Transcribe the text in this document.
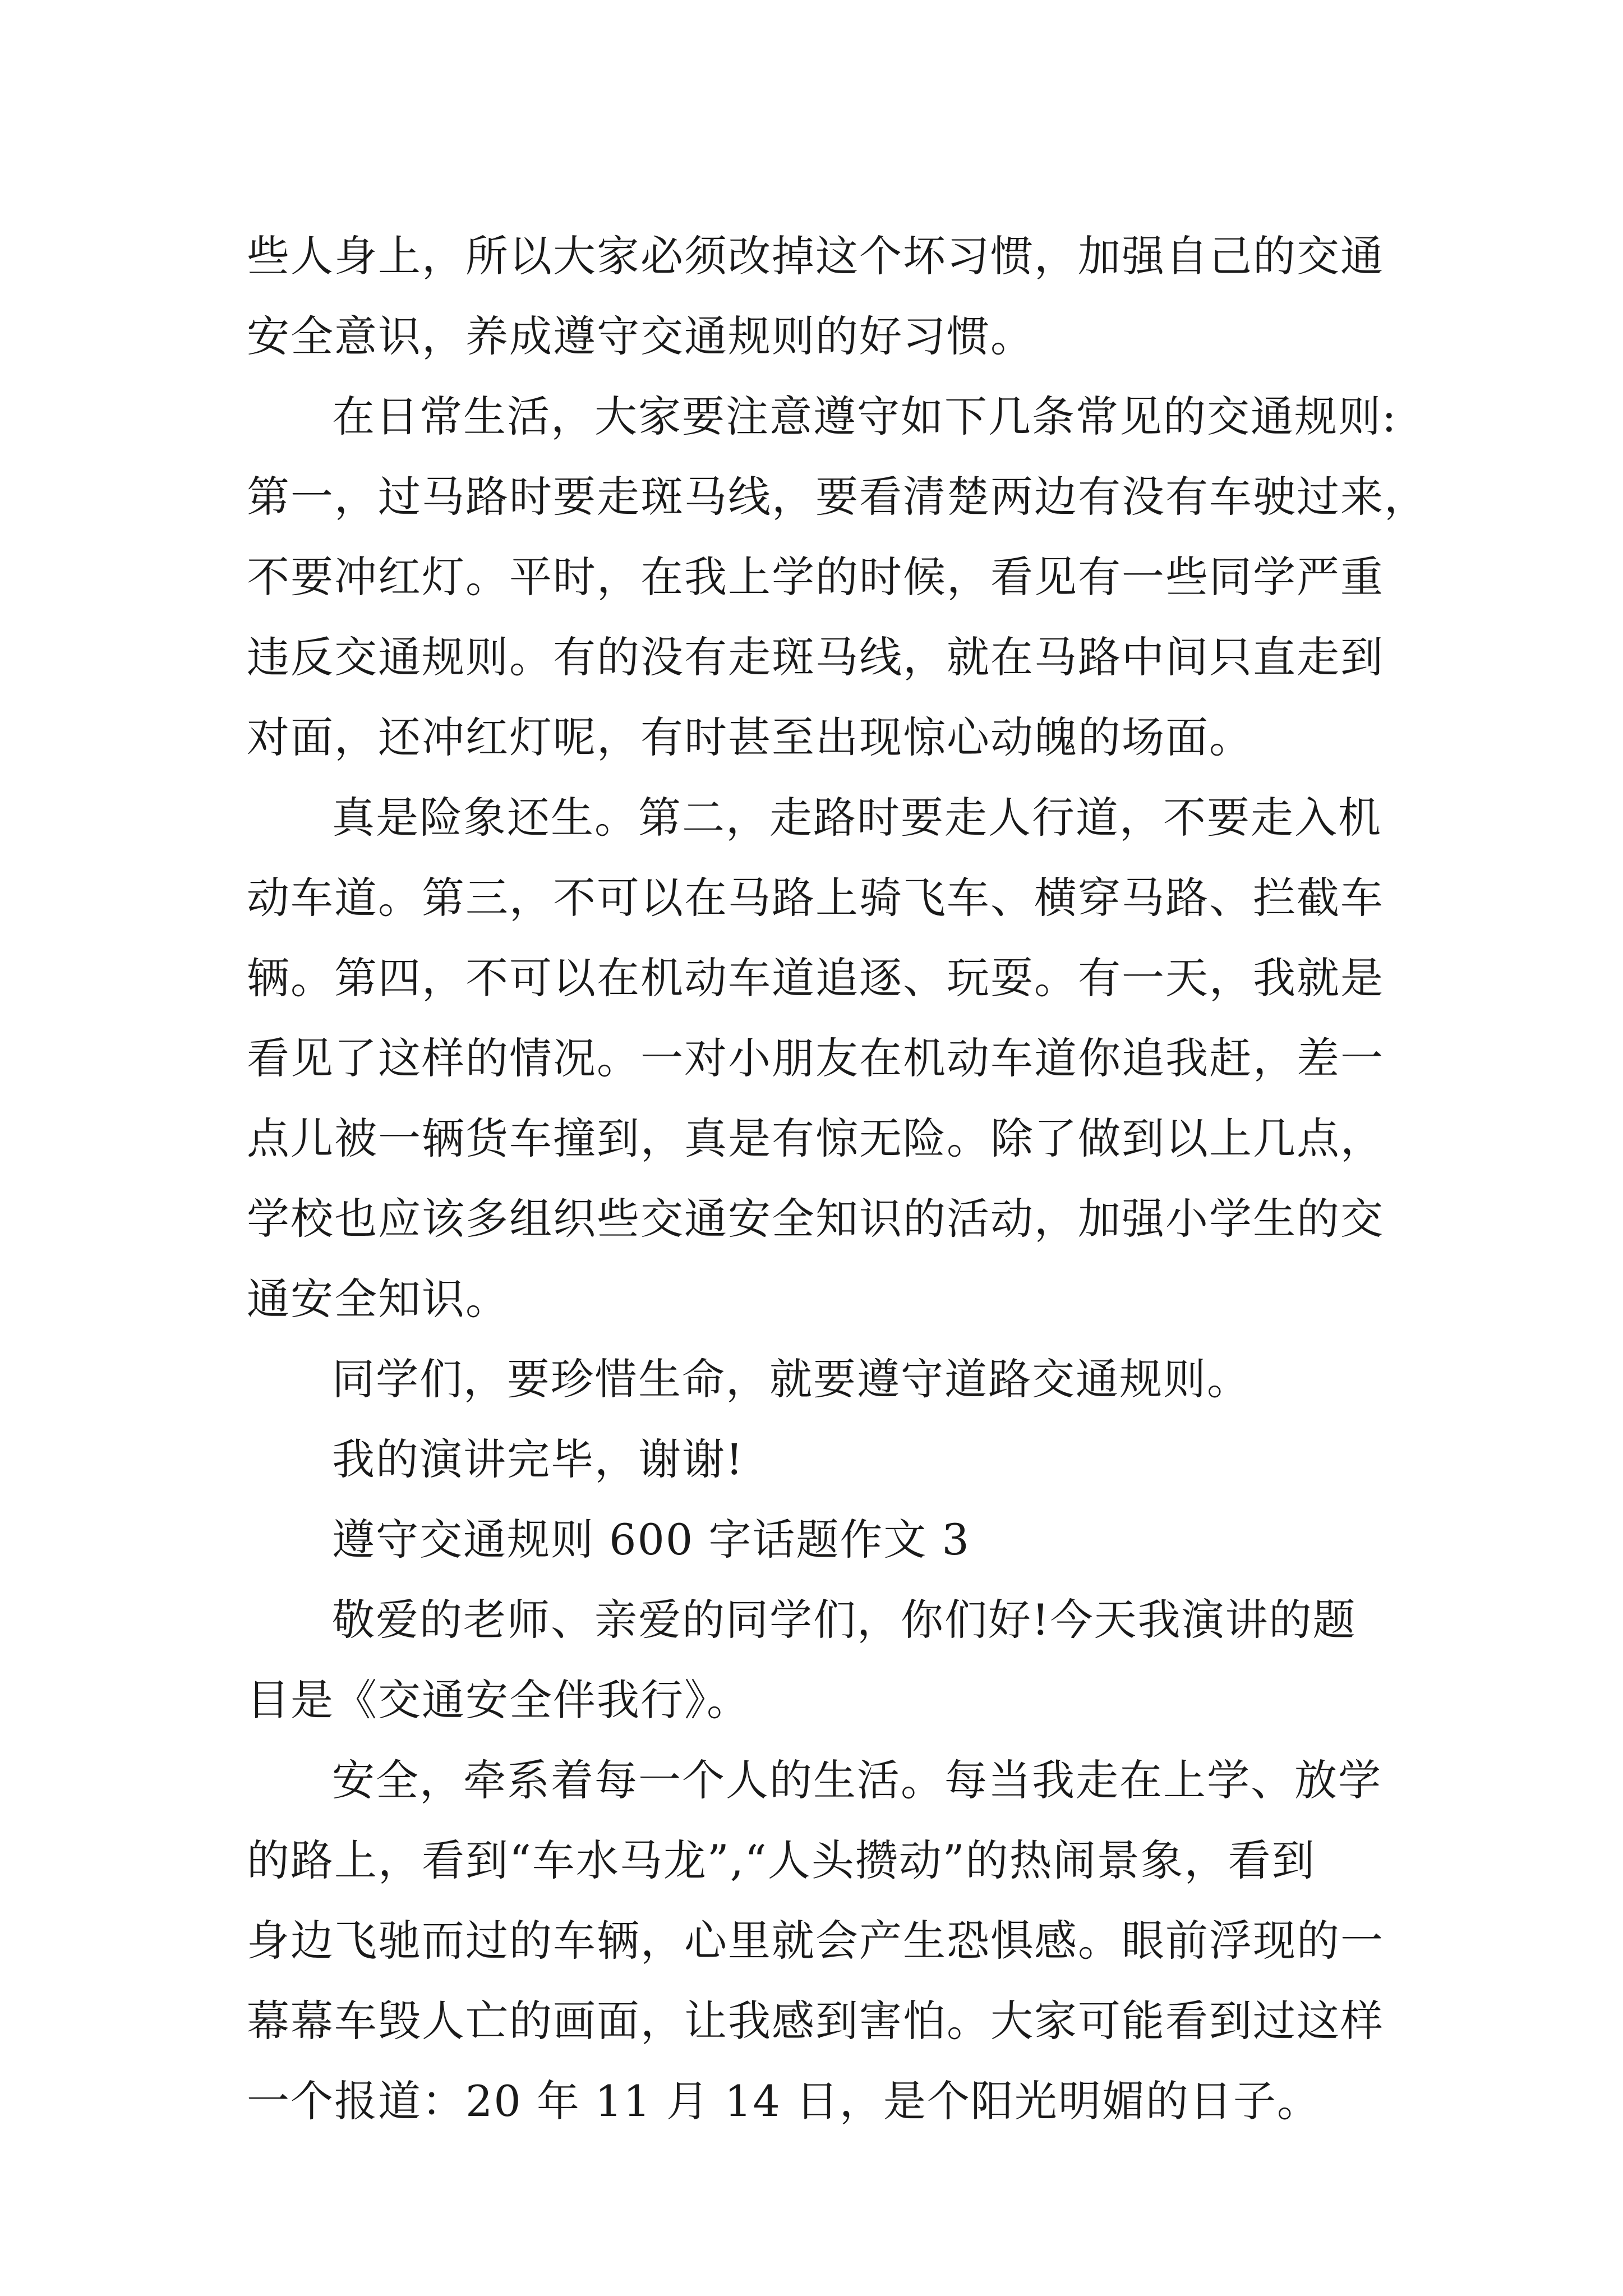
些人身上，所以大家必须改掉这个坏习惯，加强自己的交通
安全意识，养成遵守交通规则的好习惯。
在日常生活，大家要注意遵守如下几条常见的交通规则:
第一，过马路时要走斑马线，要看清楚两边有没有车驶过来，
不要冲红灯。平时，在我上学的时候，看见有一些同学严重
违反交通规则。有的没有走斑马线，就在马路中间只直走到
对面，还冲红灯呢，有时甚至出现惊心动魄的场面。
真是险象还生。第二，走路时要走人行道，不要走入机
动车道。第三，不可以在马路上骑飞车、横穿马路、拦截车
辆。第四，不可以在机动车道追逐、玩耍。有一天，我就是
看见了这样的情况。一对小朋友在机动车道你追我赶，差一
点儿被一辆货车撞到，真是有惊无险。除了做到以上几点，
学校也应该多组织些交通安全知识的活动，加强小学生的交
通安全知识。
同学们，要珍惜生命，就要遵守道路交通规则。
我的演讲完毕，谢谢!
遵守交通规则 600 字话题作文 3
敬爱的老师、亲爱的同学们，你们好!今天我演讲的题
目是《交通安全伴我行》。
安全，牵系着每一个人的生活。每当我走在上学、放学
的路上，看到“车水马龙”,“人头攒动”的热闹景象，看到
身边飞驰而过的车辆，心里就会产生恐惧感。眼前浮现的一
幕幕车毁人亡的画面，让我感到害怕。大家可能看到过这样
一个报道：20 年 11 月 14 日，是个阳光明媚的日子。
